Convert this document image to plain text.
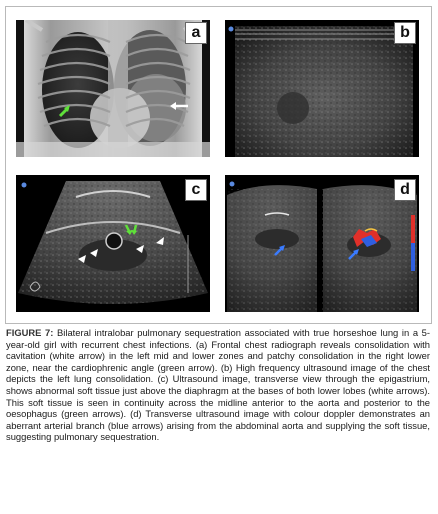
a	b
c	d
FIGURE 7: Bilateral intralobar pulmonary sequestration associated with true horseshoe lung in a 5-year-old girl with recurrent chest infections. (a) Frontal chest radiograph reveals consolidation with cavitation (white arrow) in the left mid and lower zones and patchy consolidation in the right lower zone, near the cardiophrenic angle (green arrow). (b) High frequency ultrasound image of the chest depicts the left lung consolidation. (c) Ultrasound image, transverse view through the epigastrium, shows abnormal soft tissue just above the diaphragm at the bases of both lower lobes (white arrows). This soft tissue is seen in continuity across the midline anterior to the aorta and posterior to the oesophagus (green arrows). (d) Transverse ultrasound image with colour doppler demonstrates an aberrant arterial branch (blue arrows) arising from the abdominal aorta and supplying the soft tissue, suggesting pulmonary sequestration.
